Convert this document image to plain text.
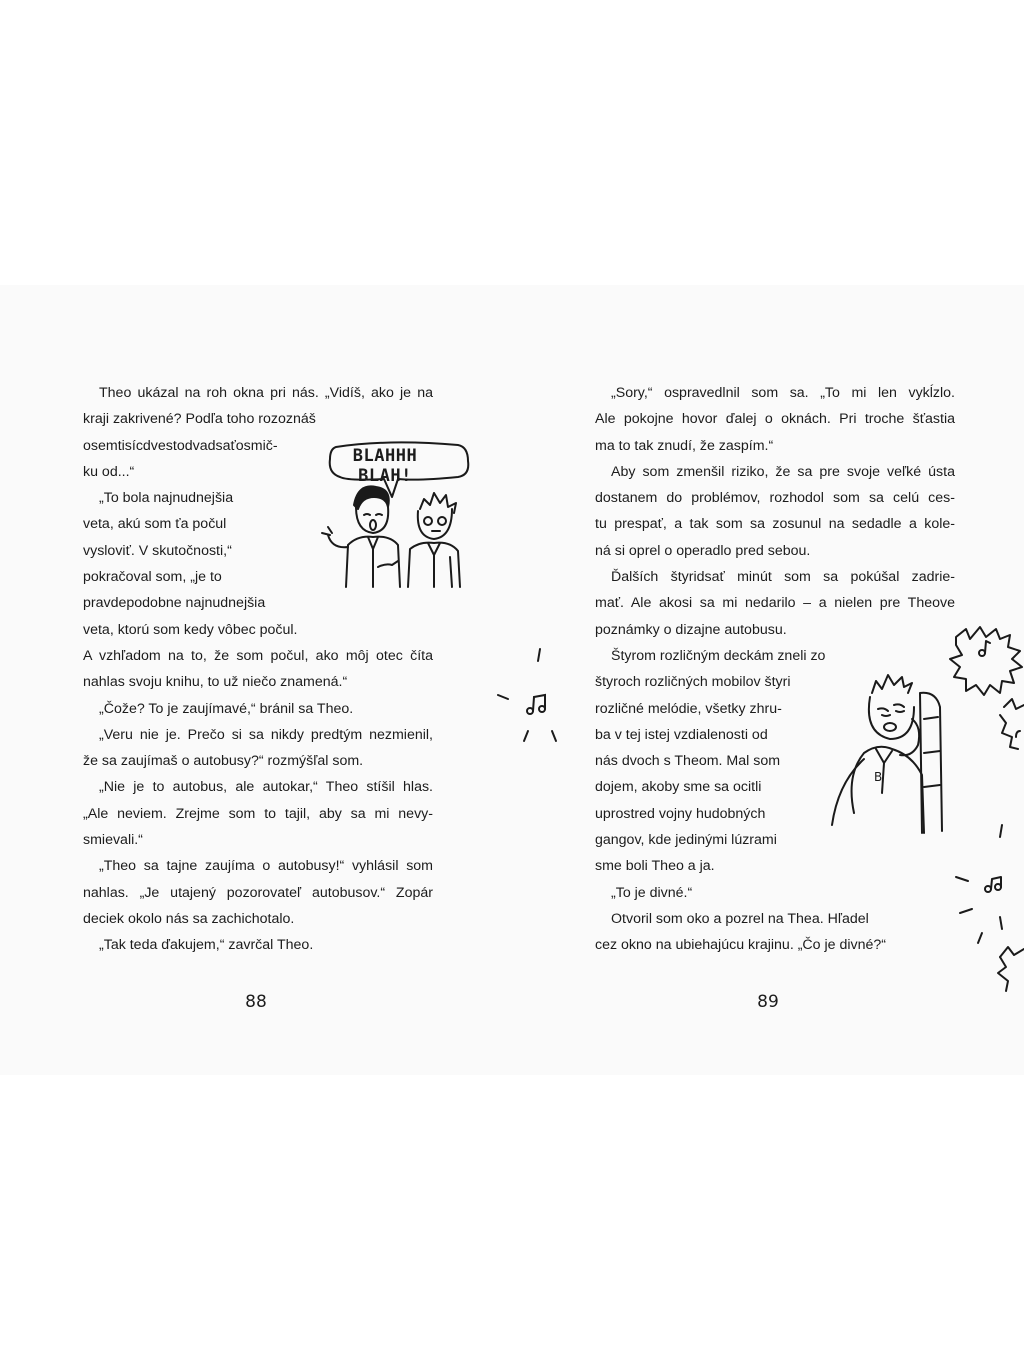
Theo ukázal na roh okna pri nás. „Vidíš, ako je na
kraji zakrivené? Podľa toho rozoznáš
osemtisícdvestodvadsaťosmič-
ku od...“
„To bola najnudnejšia
veta, akú som ťa počul
vysloviť. V skutočnosti,“
pokračoval som, „je to
pravdepodobne najnudnejšia
veta, ktorú som kedy vôbec počul.
A vzhľadom na to, že som počul, ako môj otec číta
nahlas svoju knihu, to už niečo znamená.“
„Čože? To je zaujímavé,“ bránil sa Theo.
„Veru nie je. Prečo si sa nikdy predtým nezmienil,
že sa zaujímaš o autobusy?“ rozmýšľal som.
„Nie je to autobus, ale autokar,“ Theo stíšil hlas.
„Ale neviem. Zrejme som to tajil, aby sa mi nevy-
smievali.“
„Theo sa tajne zaujíma o autobusy!“ vyhlásil som
nahlas. „Je utajený pozorovateľ autobusov.“ Zopár
deciek okolo nás sa zachichotalo.
„Tak teda ďakujem,“ zavrčal Theo.
BLAHHH BLAH!
88
„Sory,“ ospravedlnil som sa. „To mi len vykĺzlo.
Ale pokojne hovor ďalej o oknách. Pri troche šťastia
ma to tak znudí, že zaspím.“
Aby som zmenšil riziko, že sa pre svoje veľké ústa
dostanem do problémov, rozhodol som sa celú ces-
tu prespať, a tak som sa zosunul na sedadle a kole-
ná si oprel o operadlo pred sebou.
Ďalších štyridsať minút som sa pokúšal zadrie-
mať. Ale akosi sa mi nedarilo – a nielen pre Theove
poznámky o dizajne autobusu.
Štyrom rozličným deckám zneli zo
štyroch rozličných mobilov štyri
rozličné melódie, všetky zhru-
ba v tej istej vzdialenosti od
nás dvoch s Theom. Mal som
dojem, akoby sme sa ocitli
uprostred vojny hudobných
gangov, kde jedinými lúzrami
sme boli Theo a ja.
„To je divné.“
Otvoril som oko a pozrel na Thea. Hľadel
cez okno na ubiehajúcu krajinu. „Čo je divné?“
B
89
